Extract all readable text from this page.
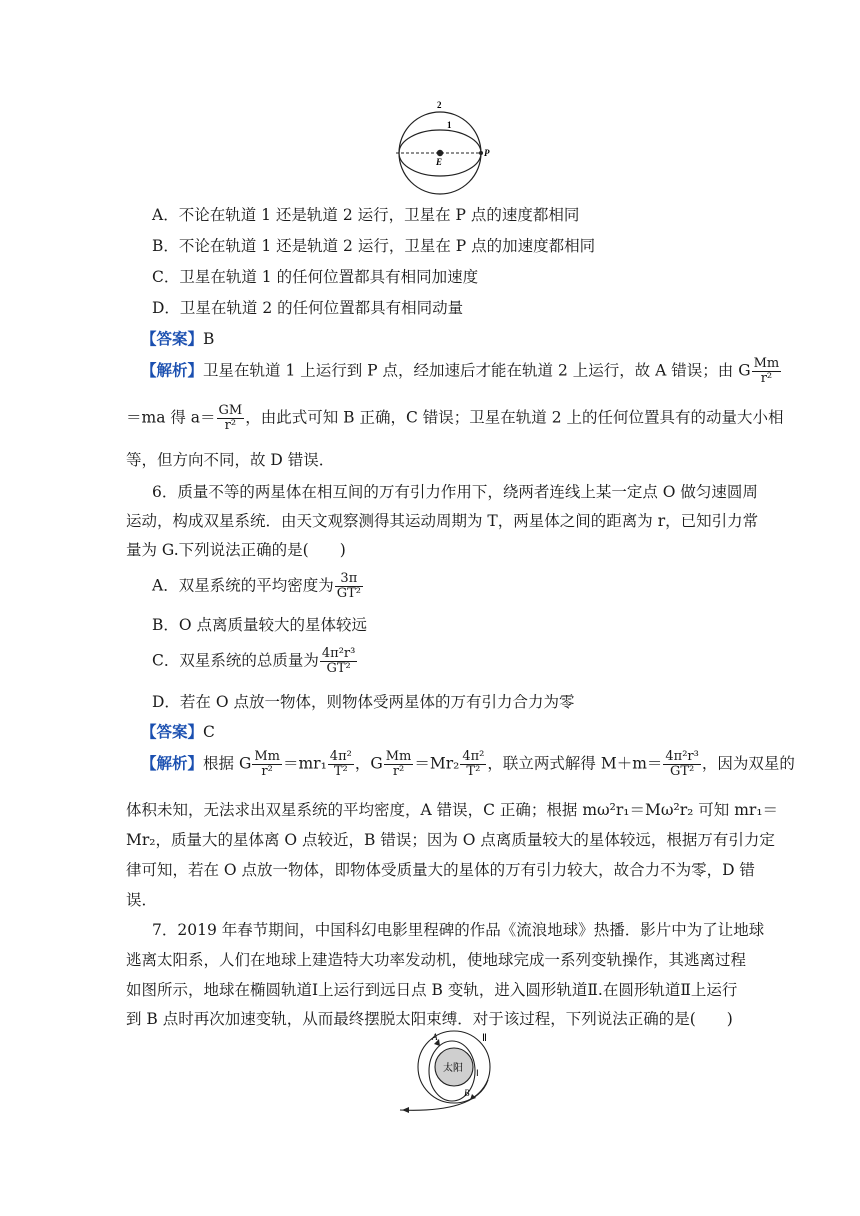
2
1
E
P
A．不论在轨道 1 还是轨道 2 运行，卫星在 P 点的速度都相同
B．不论在轨道 1 还是轨道 2 运行，卫星在 P 点的加速度都相同
C．卫星在轨道 1 的任何位置都具有相同加速度
D．卫星在轨道 2 的任何位置都具有相同动量
【答案】B
【解析】卫星在轨道 1 上运行到 P 点，经加速后才能在轨道 2 上运行，故 A 错误；由 G $\frac{Mm}{\text{r²}}$
＝ma 得 $a= \frac{GM}{\text{r²}}$ ，由此式可知 B 正确，C 错误；卫星在轨道 2 上的任何位置具有的动量大小相
等，但方向不同，故 D 错误．
6．质量不等的两星体在相互间的万有引力作用下，绕两者连线上某一定点 O 做匀速圆周
运动，构成双星系统．由天文观察测得其运动周期为 T，两星体之间的距离为 r，已知引力常
量为 G.下列说法正确的是(　　)
A．双星系统的平均密度为 $\frac{3\pi}{\text{GT²}}$
B．O 点离质量较大的星体较远
C．双星系统的总质量为 $\frac{\text{4π²r³}}{\text{GT²}}$
D．若在 O 点放一物体，则物体受两星体的万有引力合力为零
【答案】C
【解析】根据 G $\frac{Mm}{\text{r²}} =mr_1 \frac{\text{4π²}}{\text{T²}}$ ，G $\frac{Mm}{\text{r²}} =Mr_2 \frac{\text{4π²}}{\text{T²}}$ ，联立两式解得 $M+m= \frac{\text{4π²r³}}{\text{GT²}}$ ，因为双星的
体积未知，无法求出双星系统的平均密度，A 错误，C 正确；根据 mω²r₁＝Mω²r₂ 可知 mr₁＝
Mr₂，质量大的星体离 O 点较近，B 错误；因为 O 点离质量较大的星体较远，根据万有引力定
律可知，若在 O 点放一物体，即物体受质量大的星体的万有引力较大，故合力不为零，D 错
误．
7．2019 年春节期间，中国科幻电影里程碑的作品《流浪地球》热播．影片中为了让地球
逃离太阳系，人们在地球上建造特大功率发动机，使地球完成一系列变轨操作，其逃离过程
如图所示，地球在椭圆轨道Ⅰ上运行到远日点 B 变轨，进入圆形轨道Ⅱ.在圆形轨道Ⅱ上运行
到 B 点时再次加速变轨，从而最终摆脱太阳束缚．对于该过程，下列说法正确的是(　　)
Ⅱ
A
太阳 Ⅰ
B
